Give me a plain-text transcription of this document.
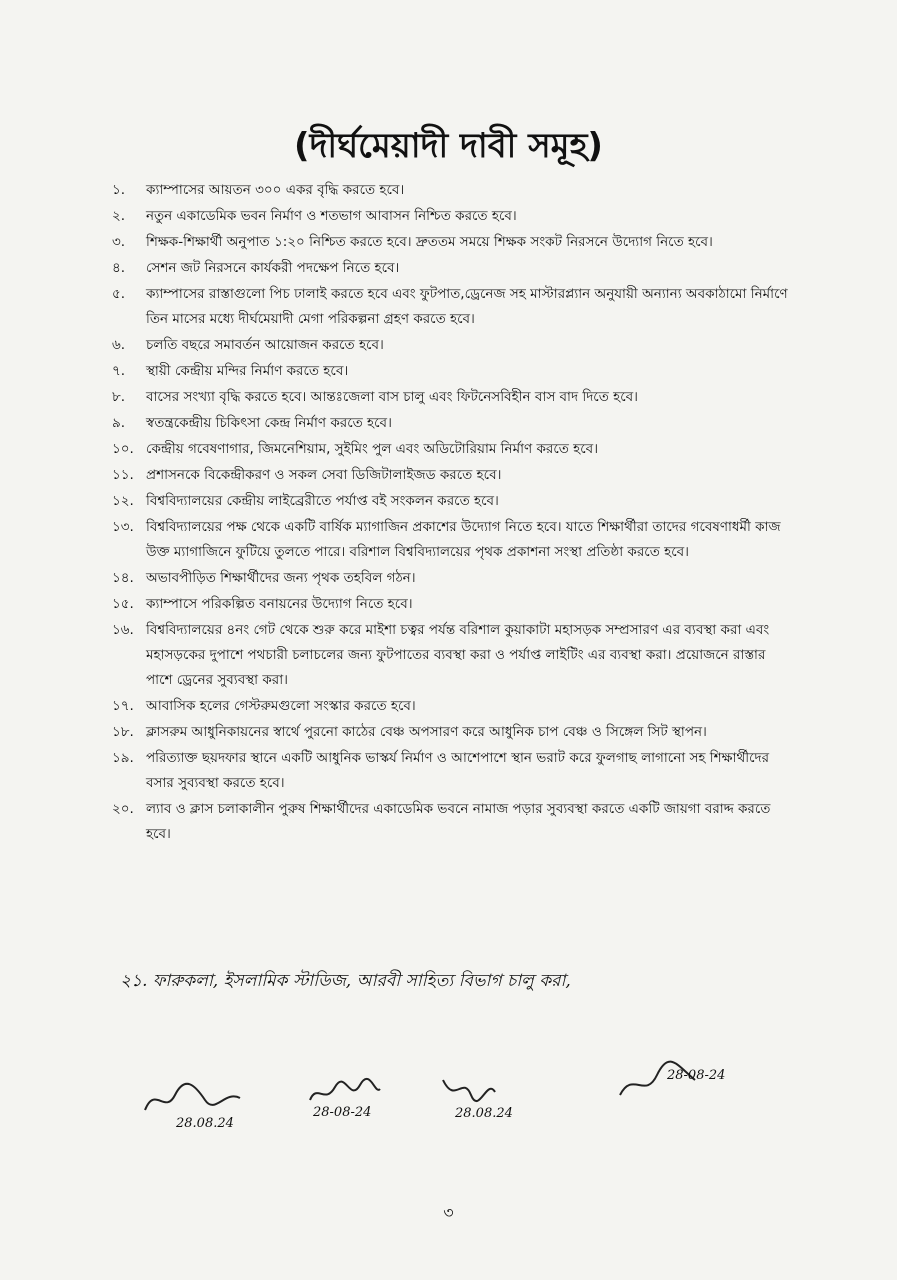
(দীর্ঘমেয়াদী দাবী সমূহ)
১.	ক্যাম্পাসের আয়তন ৩০০ একর বৃদ্ধি করতে হবে।
২.	নতুন একাডেমিক ভবন নির্মাণ ও শতভাগ আবাসন নিশ্চিত করতে হবে।
৩.	শিক্ষক-শিক্ষার্থী অনুপাত ১:২০ নিশ্চিত করতে হবে। দ্রুততম সময়ে শিক্ষক সংকট নিরসনে উদ্যোগ নিতে হবে।
৪.	সেশন জট নিরসনে কার্যকরী পদক্ষেপ নিতে হবে।
৫.	ক্যাম্পাসের রাস্তাগুলো পিচ ঢালাই করতে হবে এবং ফুটপাত,ড্রেনেজ সহ মাস্টারপ্ল্যান অনুযায়ী অন্যান্য অবকাঠামো নির্মাণে তিন মাসের মধ্যে দীর্ঘমেয়াদী মেগা পরিকল্পনা গ্রহণ করতে হবে।
৬.	চলতি বছরে সমাবর্তন আয়োজন করতে হবে।
৭.	স্থায়ী কেন্দ্রীয় মন্দির নির্মাণ করতে হবে।
৮.	বাসের সংখ্যা বৃদ্ধি করতে হবে। আন্তঃজেলা বাস চালু এবং ফিটনেসবিহীন বাস বাদ দিতে হবে।
৯.	স্বতন্ত্রকেন্দ্রীয় চিকিৎসা কেন্দ্র নির্মাণ করতে হবে।
১০. কেন্দ্রীয় গবেষণাগার, জিমনেশিয়াম, সুইমিং পুল এবং অডিটোরিয়াম নির্মাণ করতে হবে।
১১. প্রশাসনকে বিকেন্দ্রীকরণ ও সকল সেবা ডিজিটালাইজড করতে হবে।
১২. বিশ্ববিদ্যালয়ের কেন্দ্রীয় লাইব্রেরীতে পর্যাপ্ত বই সংকলন করতে হবে।
১৩. বিশ্ববিদ্যালয়ের পক্ষ থেকে একটি বার্ষিক ম্যাগাজিন প্রকাশের উদ্যোগ নিতে হবে। যাতে শিক্ষার্থীরা তাদের গবেষণাধর্মী কাজ উক্ত ম্যাগাজিনে ফুটিয়ে তুলতে পারে। বরিশাল বিশ্ববিদ্যালয়ের পৃথক প্রকাশনা সংস্থা প্রতিষ্ঠা করতে হবে।
১৪. অভাবপীড়িত শিক্ষার্থীদের জন্য পৃথক তহবিল গঠন।
১৫. ক্যাম্পাসে পরিকল্পিত বনায়নের উদ্যোগ নিতে হবে।
১৬. বিশ্ববিদ্যালয়ের ৪নং গেট থেকে শুরু করে মাইশা চত্বর পর্যন্ত বরিশাল কুয়াকাটা মহাসড়ক সম্প্রসারণ এর ব্যবস্থা করা এবং মহাসড়কের দুপাশে পথচারী চলাচলের জন্য ফুটপাতের ব্যবস্থা করা ও পর্যাপ্ত লাইটিং এর ব্যবস্থা করা। প্রয়োজনে রাস্তার পাশে ড্রেনের সুব্যবস্থা করা।
১৭. আবাসিক হলের গেস্টরুমগুলো সংস্কার করতে হবে।
১৮. ক্লাসরুম আধুনিকায়নের স্বার্থে পুরনো কাঠের বেঞ্চ অপসারণ করে আধুনিক চাপ বেঞ্চ ও সিঙ্গেল সিট স্থাপন।
১৯. পরিত্যাক্ত ছয়দফার স্থানে একটি আধুনিক ভাস্কর্য নির্মাণ ও আশেপাশে স্থান ভরাট করে ফুলগাছ লাগানো সহ শিক্ষার্থীদের বসার সুব্যবস্থা করতে হবে।
২০. ল্যাব ও ক্লাস চলাকালীন পুরুষ শিক্ষার্থীদের একাডেমিক ভবনে নামাজ পড়ার সুব্যবস্থা করতে একটি জায়গা বরাদ্দ করতে হবে।
২১. ফারুকলা, ইসলামিক স্টাডিজ, আরবী সাহিত্য বিভাগ চালু করা,
28.08.24
28-08-24	28.08.24
28-08-24
৩
